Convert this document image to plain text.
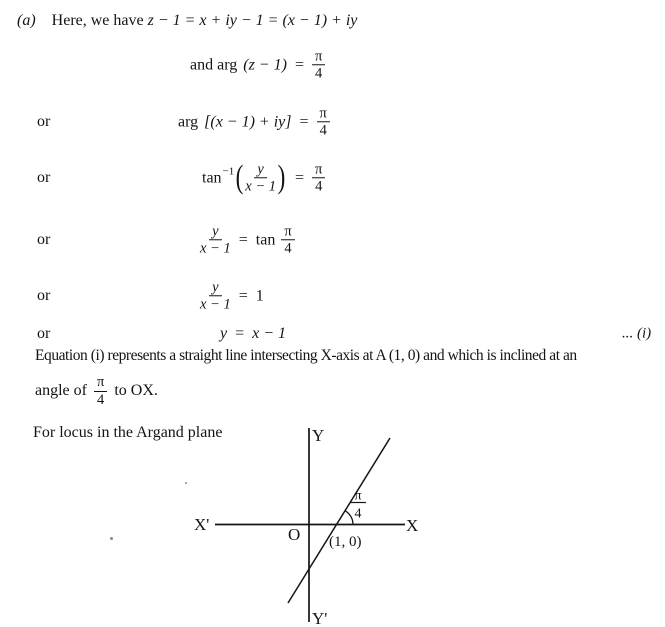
(a) Here, we have z − 1 = x + iy − 1 = (x − 1) + iy
and arg $(z - 1) = \frac{\pi}{4}$
or	arg $[(x - 1) + iy] = \frac{\pi}{4}$
or	tan −1 ( $\frac{y}{x - 1}$ ) = $\frac{\pi}{4}$
or	$\frac{y}{x - 1} = \tan \frac{\pi}{4}$
or	$\frac{y}{x - 1} = 1$
or	y = x − 1	... (i)
Equation (i) represents a straight line intersecting X-axis at A (1, 0) and which is inclined at an
angle of $\frac{\pi}{4}$ to OX.
For locus in the Argand plane	Y
Y'
X'	X
O (1, 0)
π
4
